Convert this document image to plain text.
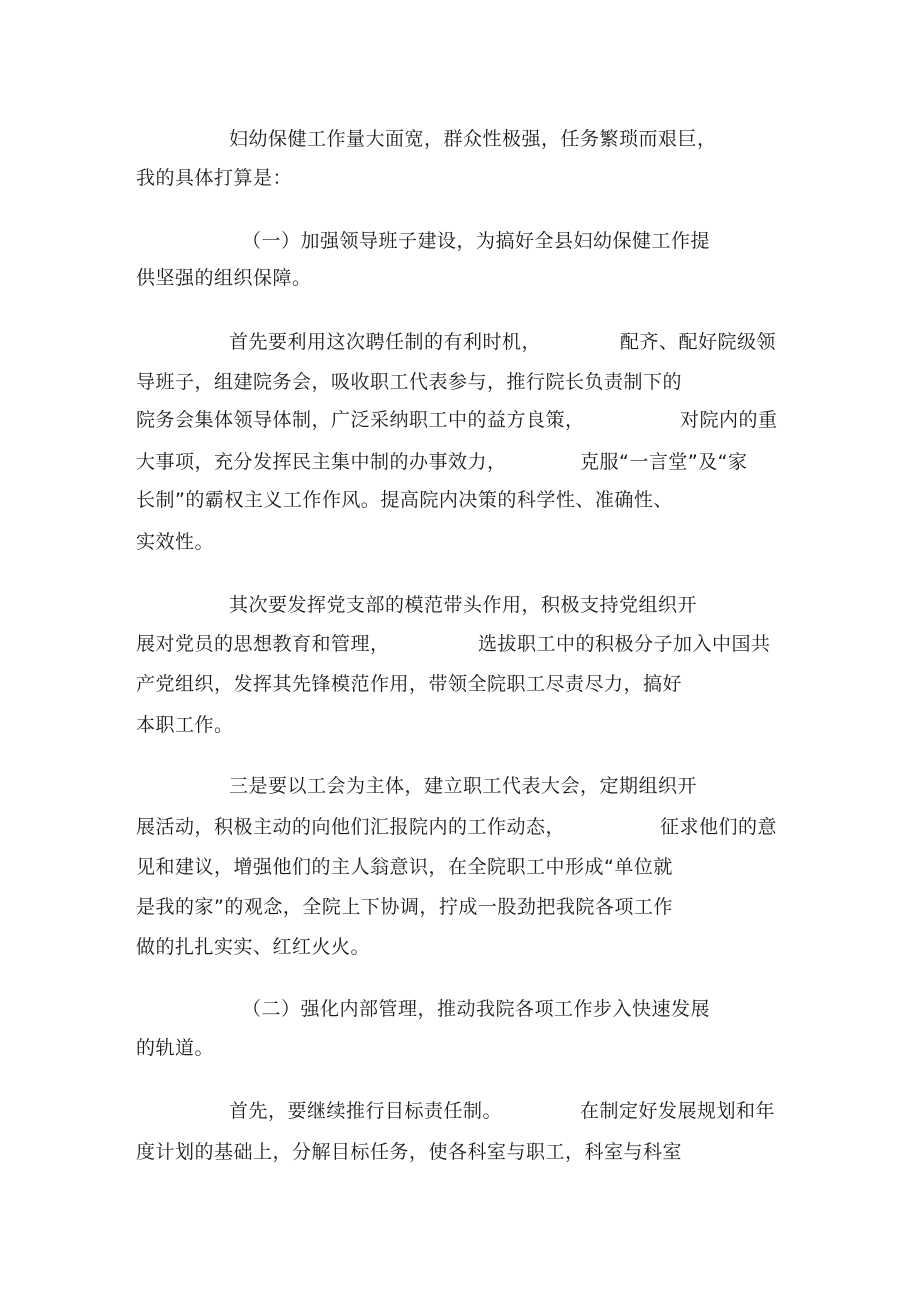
妇幼保健工作量大面宽，群众性极强，任务繁琐而艰巨，
我的具体打算是：
（一）加强领导班子建设，为搞好全县妇幼保健工作提
供坚强的组织保障。
首先要利用这次聘任制的有利时机，	配齐、配好院级领
导班子，组建院务会，吸收职工代表参与，推行院长负责制下的
院务会集体领导体制，广泛采纳职工中的益方良策，	对院内的重
大事项，充分发挥民主集中制的办事效力，	克服“一言堂”及“家
长制”的霸权主义工作作风。提高院内决策的科学性、准确性、
实效性。
其次要发挥党支部的模范带头作用，积极支持党组织开
展对党员的思想教育和管理，	选拔职工中的积极分子加入中国共
产党组织，发挥其先锋模范作用，带领全院职工尽责尽力，搞好
本职工作。
三是要以工会为主体，建立职工代表大会，定期组织开
展活动，积极主动的向他们汇报院内的工作动态，	征求他们的意
见和建议，增强他们的主人翁意识，在全院职工中形成“单位就
是我的家”的观念，全院上下协调，拧成一股劲把我院各项工作
做的扎扎实实、红红火火。
（二）强化内部管理，推动我院各项工作步入快速发展
的轨道。
首先，要继续推行目标责任制。	在制定好发展规划和年
度计划的基础上，分解目标任务，使各科室与职工，科室与科室
